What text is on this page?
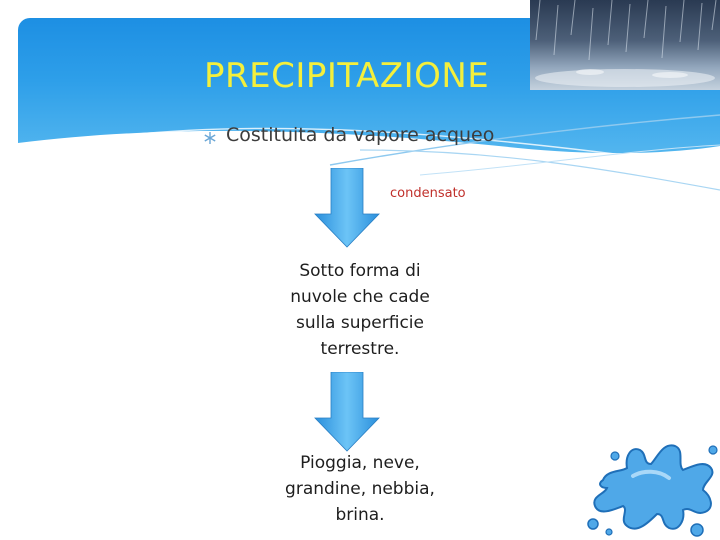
PRECIPITAZIONE
Costituita da vapore acqueo
condensato
Sotto forma di
nuvole che cade
sulla superficie
terrestre.
Pioggia, neve,
grandine, nebbia,
brina.
